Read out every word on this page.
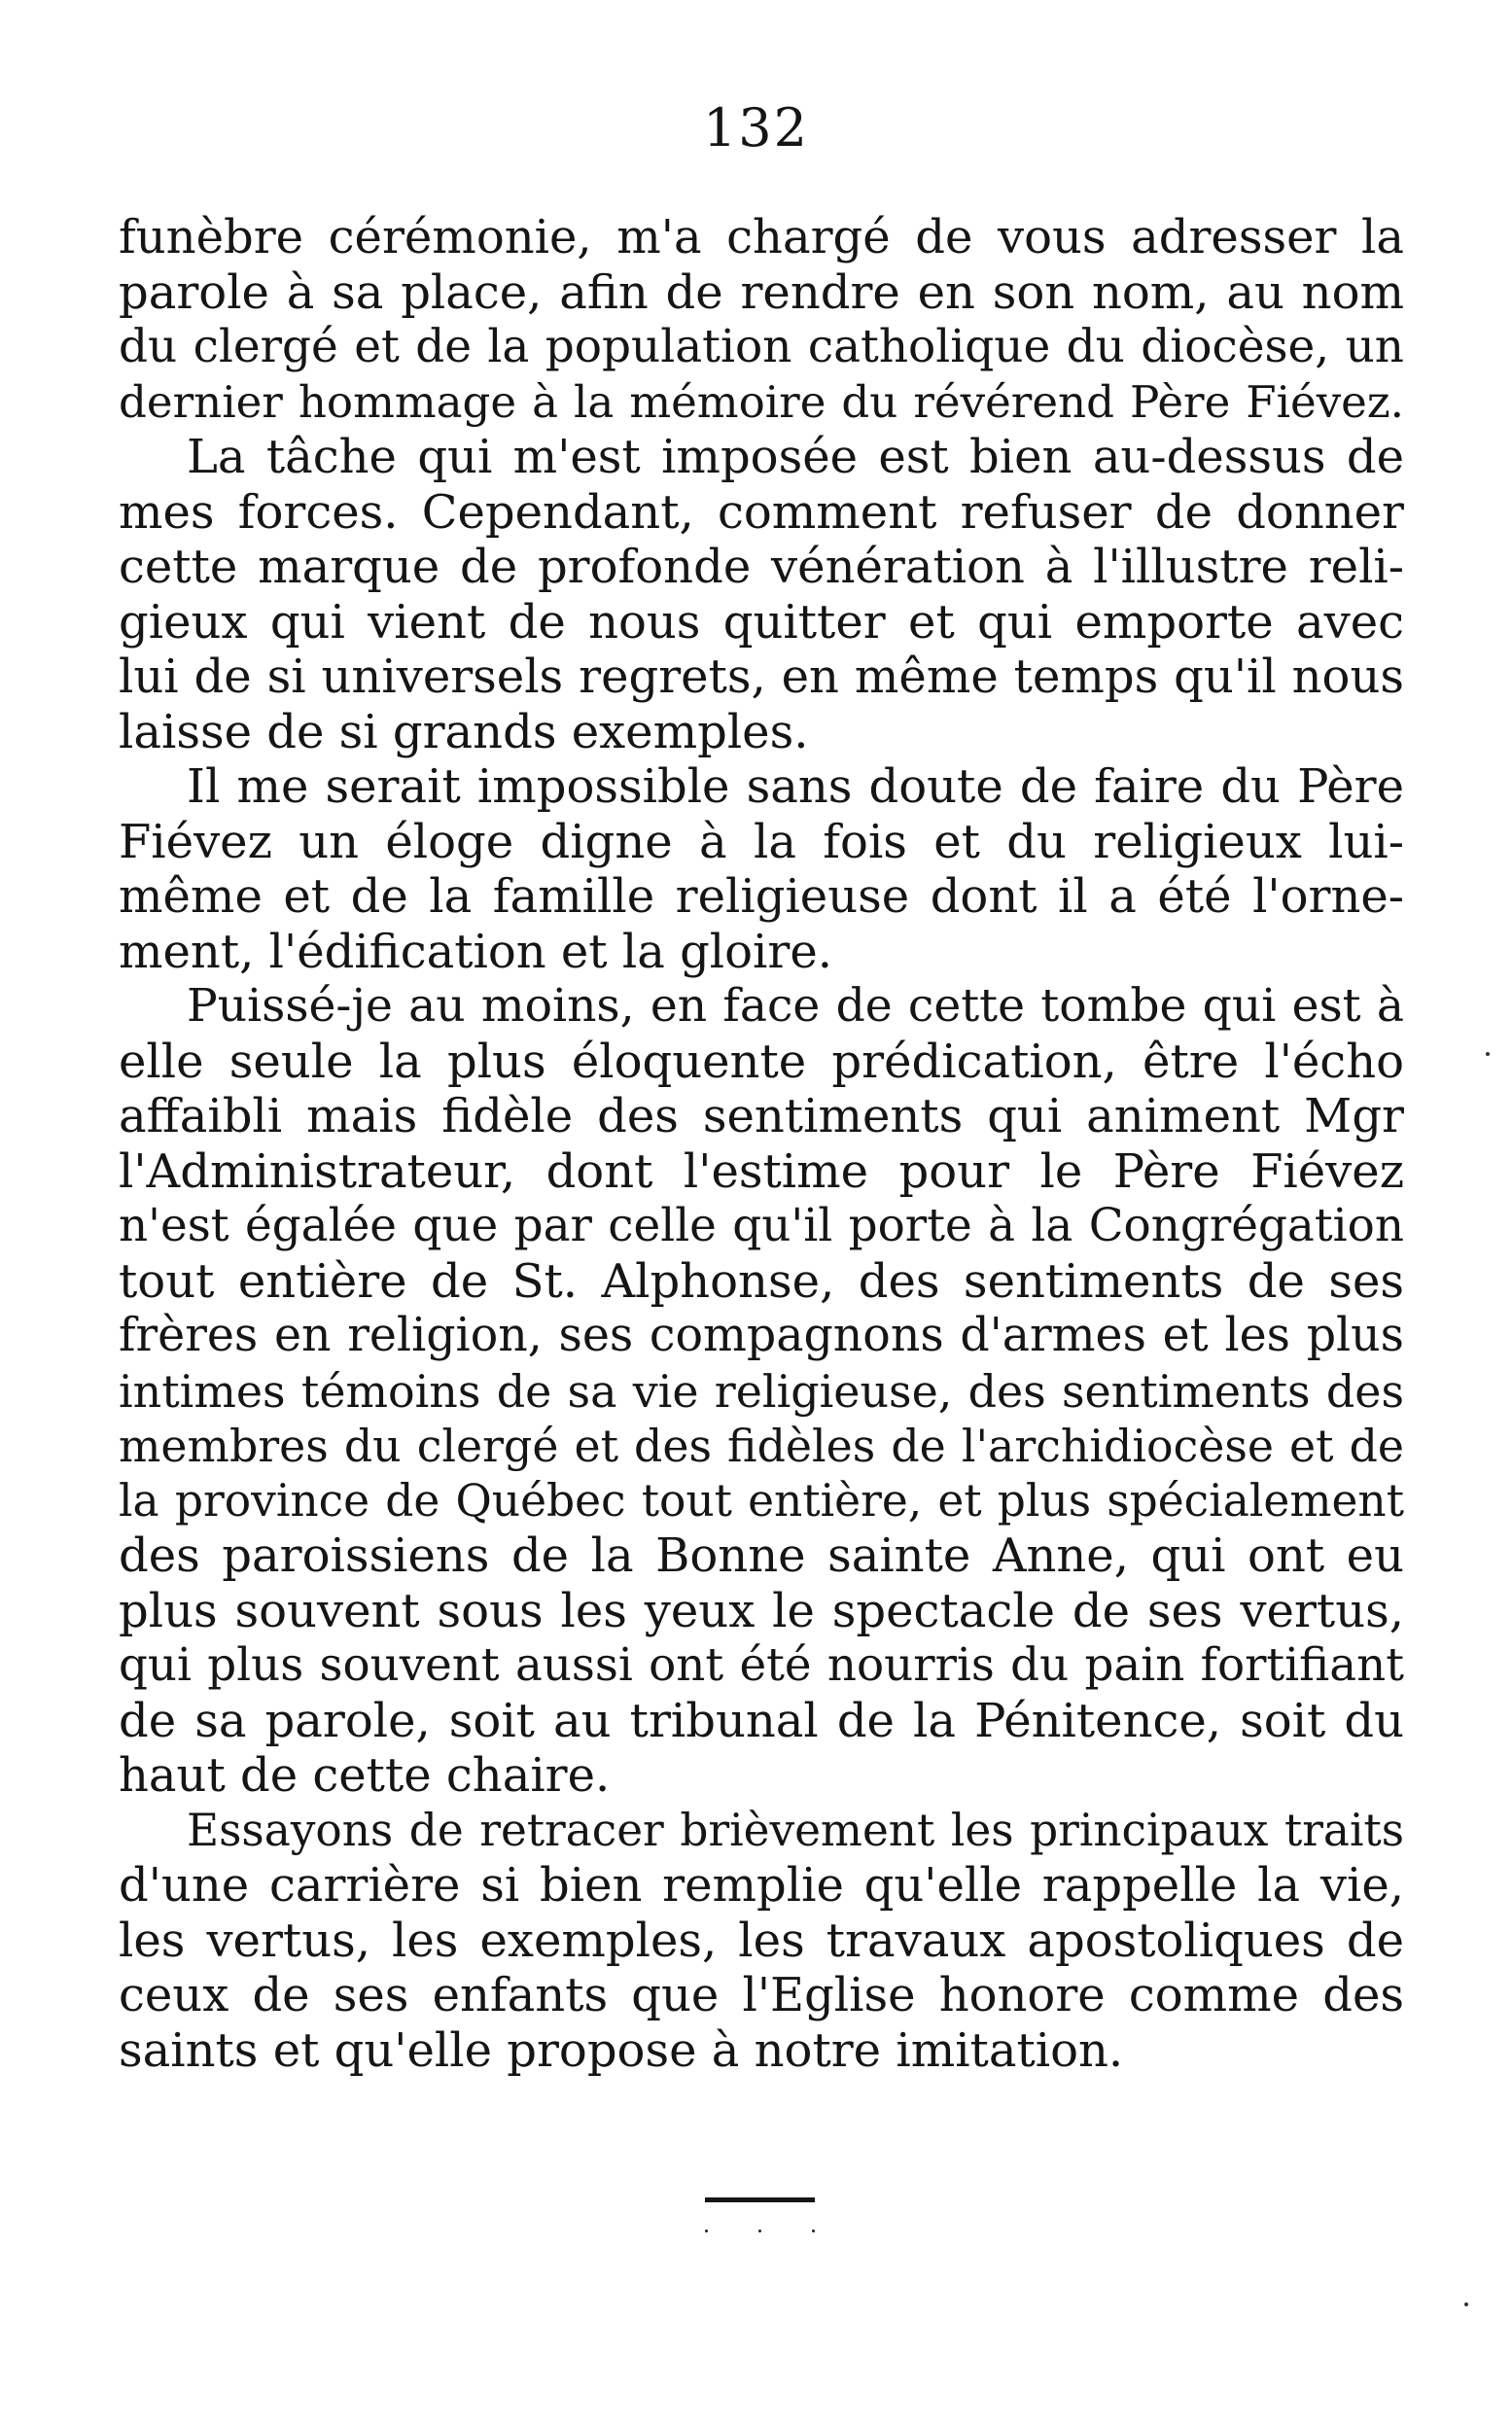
132
funèbre cérémonie, m'a chargé de vous adresser la
parole à sa place, afin de rendre en son nom, au nom
du clergé et de la population catholique du diocèse, un
dernier hommage à la mémoire du révérend Père Fiévez.
La tâche qui m'est imposée est bien au-dessus de
mes forces. Cependant, comment refuser de donner
cette marque de profonde vénération à l'illustre reli-
gieux qui vient de nous quitter et qui emporte avec
lui de si universels regrets, en même temps qu'il nous
laisse de si grands exemples.
Il me serait impossible sans doute de faire du Père
Fiévez un éloge digne à la fois et du religieux lui-
même et de la famille religieuse dont il a été l'orne-
ment, l'édification et la gloire.
Puissé-je au moins, en face de cette tombe qui est à
elle seule la plus éloquente prédication, être l'écho
affaibli mais fidèle des sentiments qui animent Mgr
l'Administrateur, dont l'estime pour le Père Fiévez
n'est égalée que par celle qu'il porte à la Congrégation
tout entière de St. Alphonse, des sentiments de ses
frères en religion, ses compagnons d'armes et les plus
intimes témoins de sa vie religieuse, des sentiments des
membres du clergé et des fidèles de l'archidiocèse et de
la province de Québec tout entière, et plus spécialement
des paroissiens de la Bonne sainte Anne, qui ont eu
plus souvent sous les yeux le spectacle de ses vertus,
qui plus souvent aussi ont été nourris du pain fortifiant
de sa parole, soit au tribunal de la Pénitence, soit du
haut de cette chaire.
Essayons de retracer brièvement les principaux traits
d'une carrière si bien remplie qu'elle rappelle la vie,
les vertus, les exemples, les travaux apostoliques de
ceux de ses enfants que l'Eglise honore comme des
saints et qu'elle propose à notre imitation.
